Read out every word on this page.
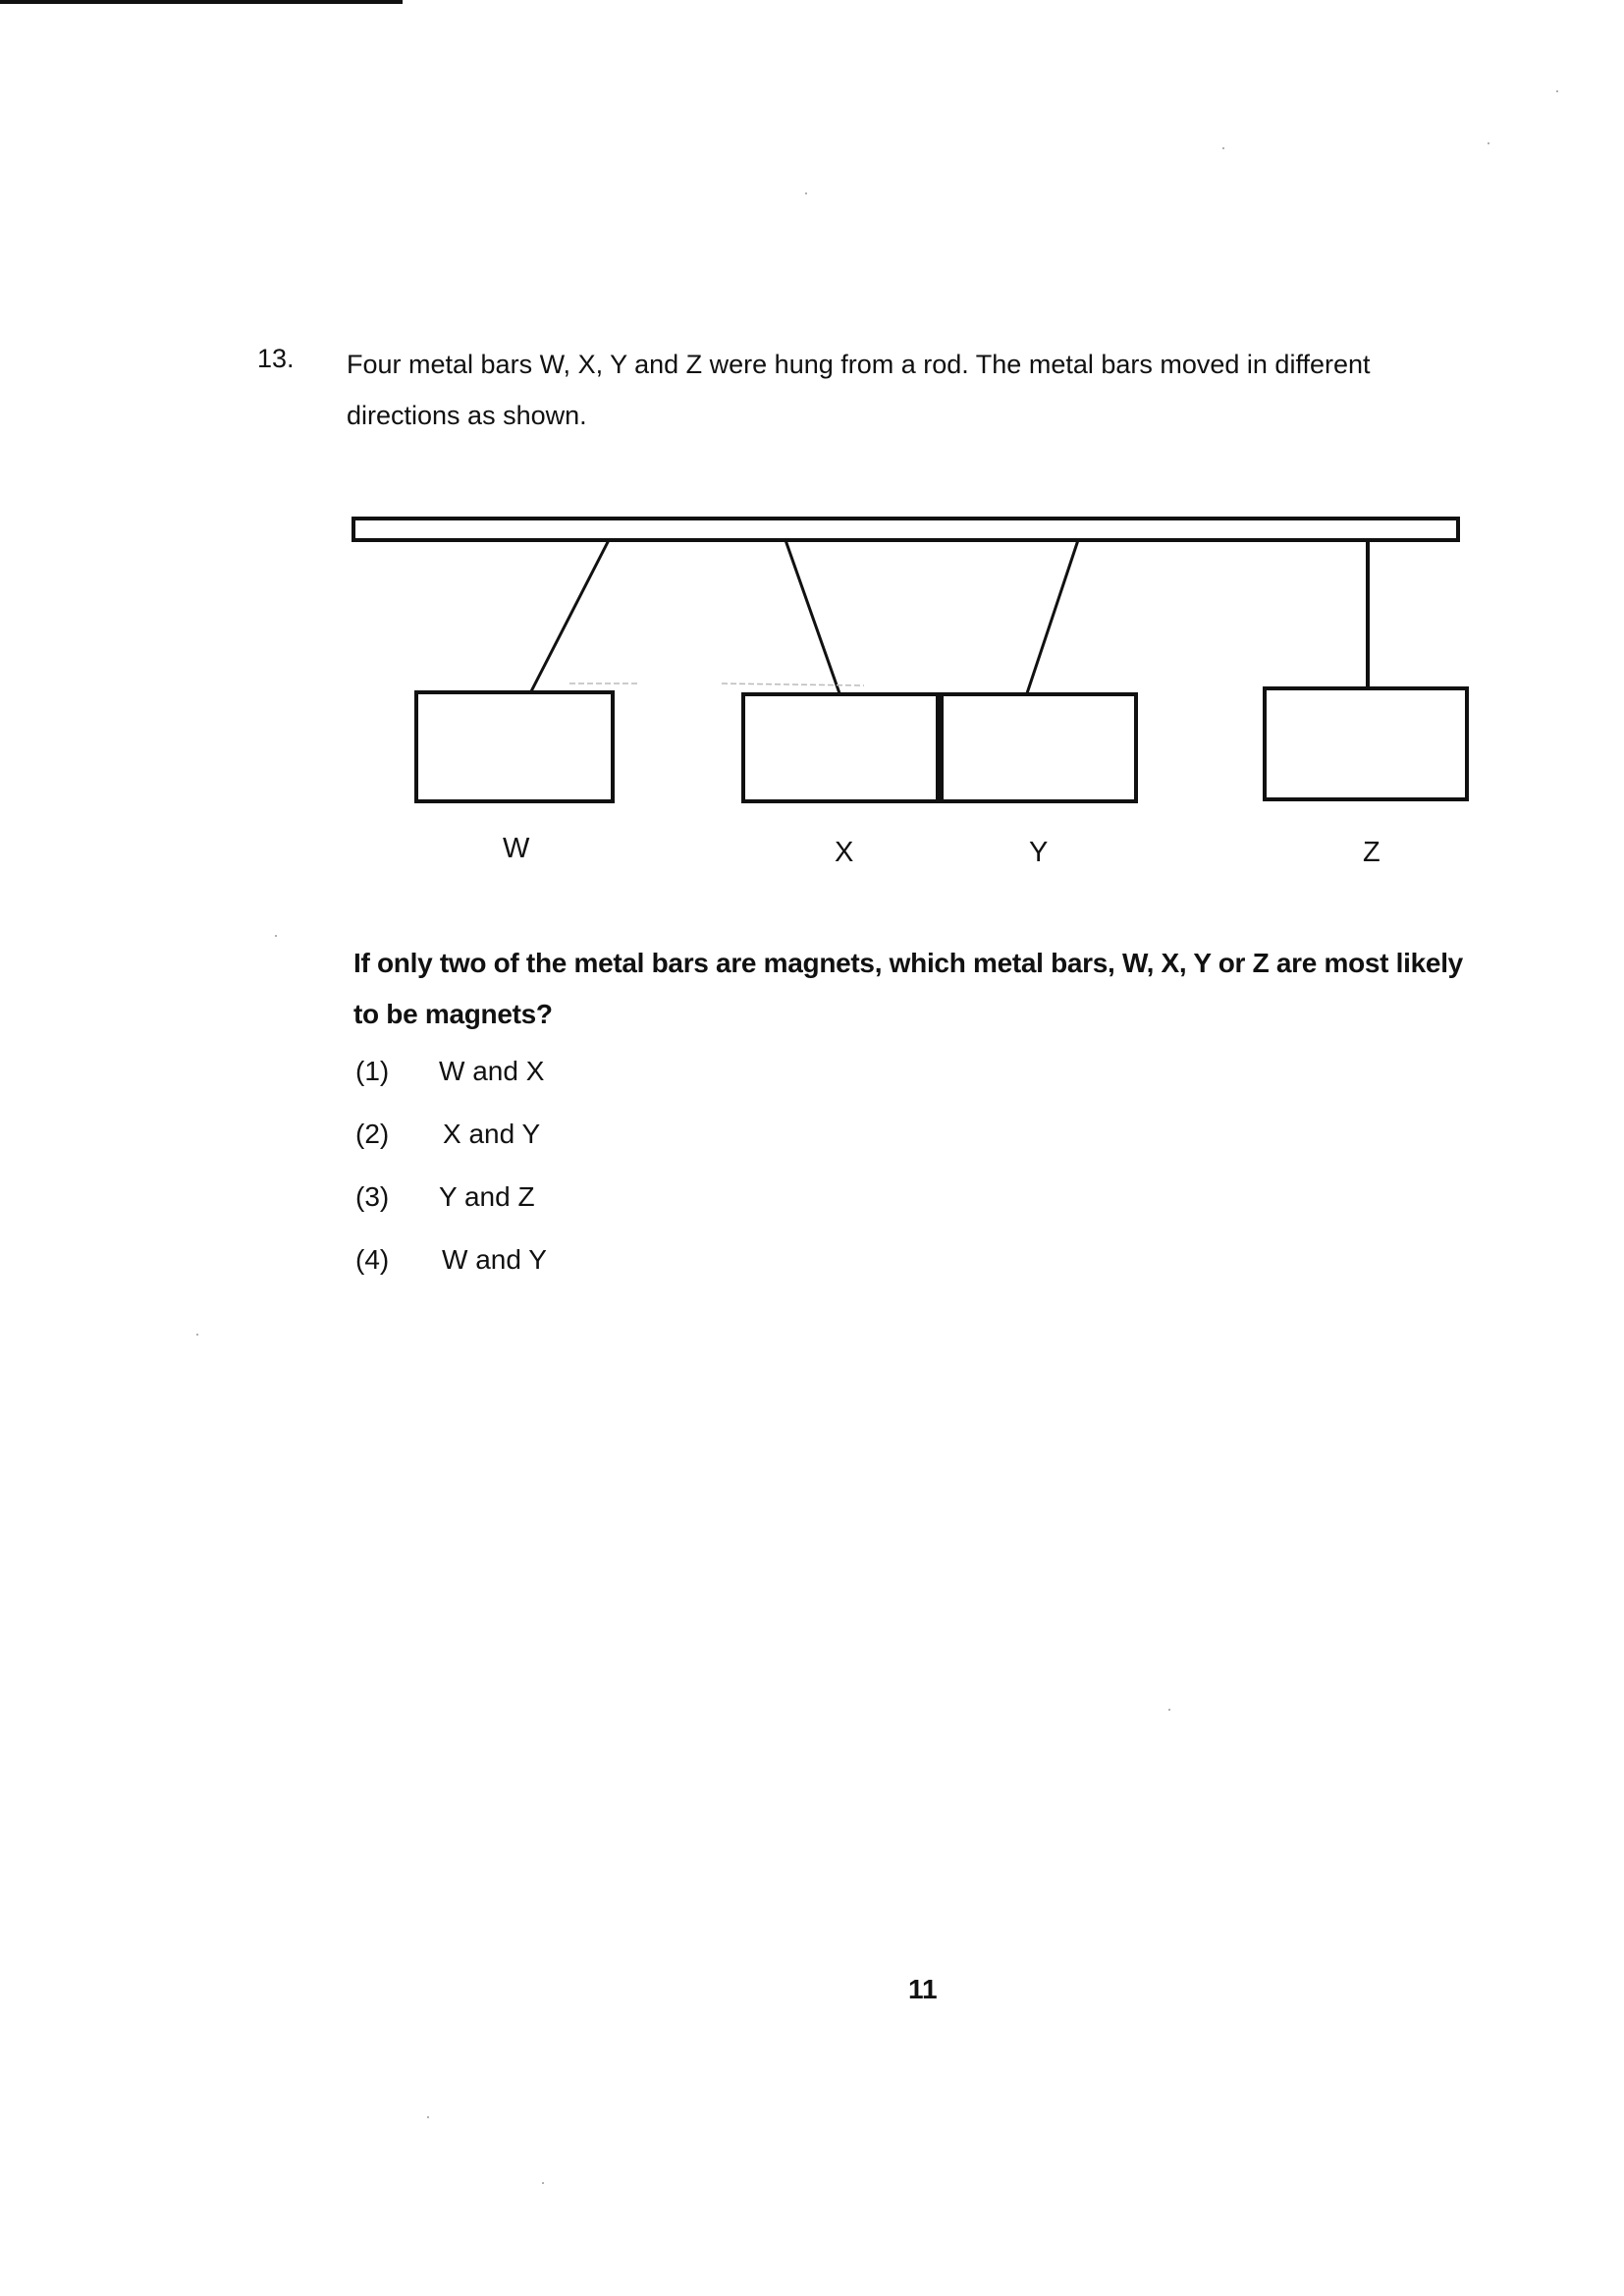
13. Four metal bars W, X, Y and Z were hung from a rod. The metal bars moved in different directions as shown.
W	X	Y	Z
If only two of the metal bars are magnets, which metal bars, W, X, Y or Z are most likely to be magnets?
(1) W and X
(2) X and Y
(3) Y and Z
(4) W and Y
11
